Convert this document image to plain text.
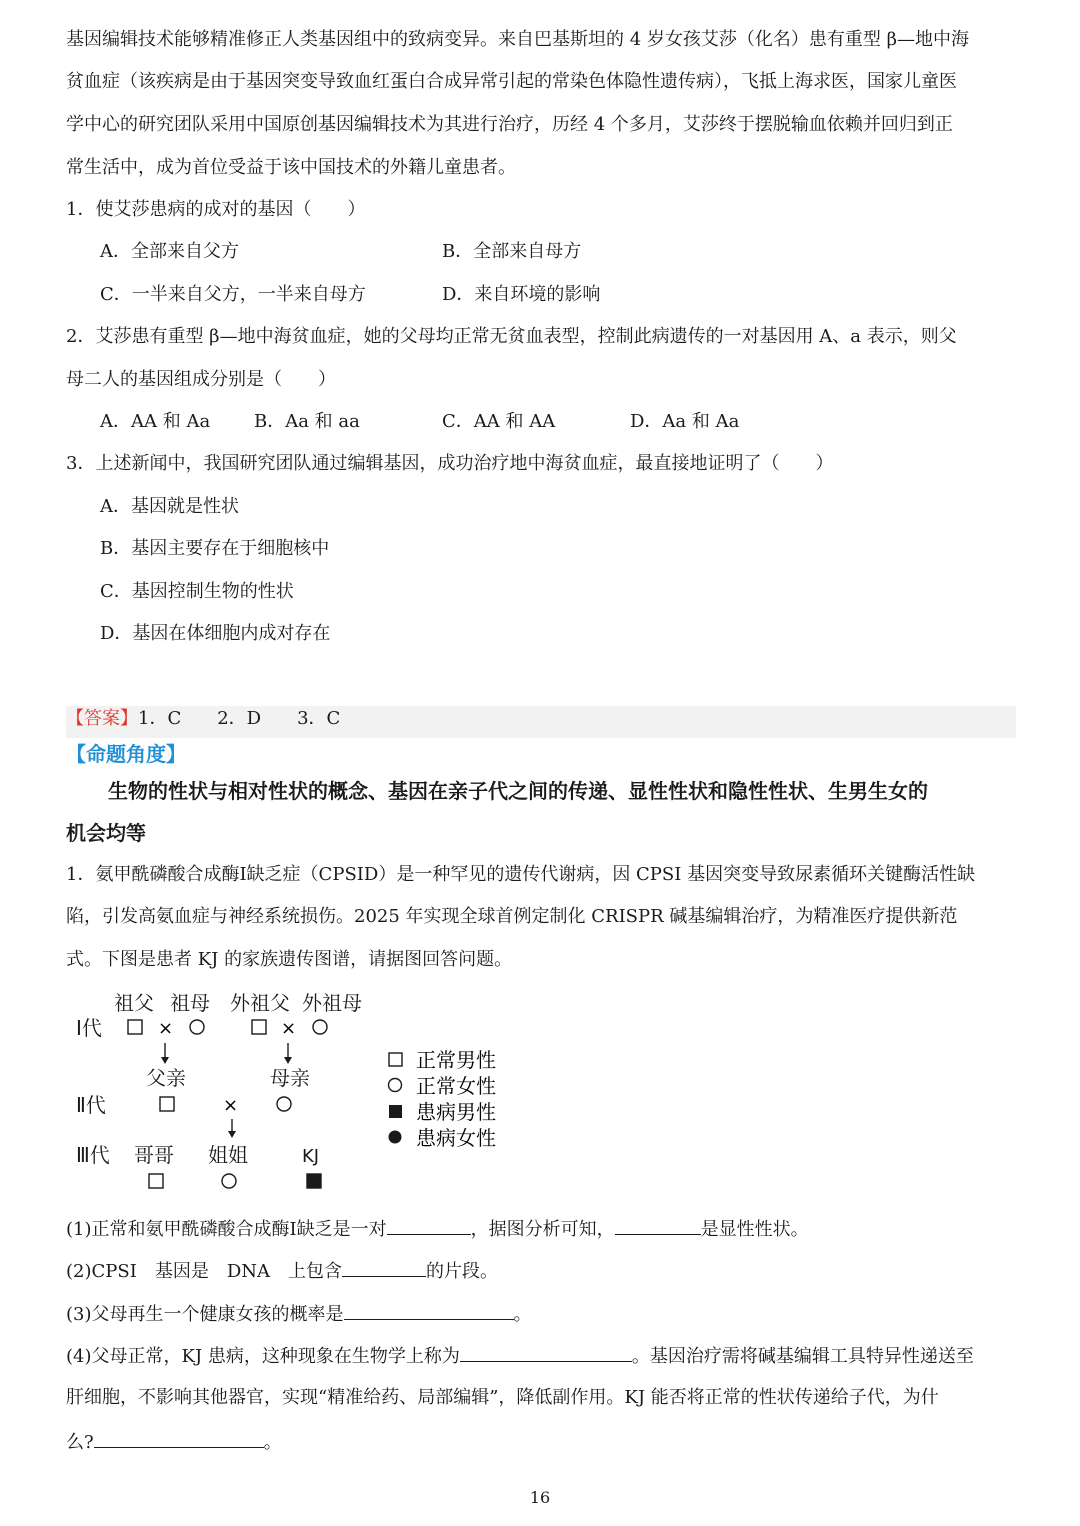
基因编辑技术能够精准修正人类基因组中的致病变异。来自巴基斯坦的 4 岁女孩艾莎（化名）患有重型 β—地中海
贫血症（该疾病是由于基因突变导致血红蛋白合成异常引起的常染色体隐性遗传病），飞抵上海求医，国家儿童医
学中心的研究团队采用中国原创基因编辑技术为其进行治疗，历经 4 个多月，艾莎终于摆脱输血依赖并回归到正
常生活中，成为首位受益于该中国技术的外籍儿童患者。
1．使艾莎患病的成对的基因（　　）
A．全部来自父方	B．全部来自母方
C．一半来自父方，一半来自母方	D．来自环境的影响
2．艾莎患有重型 β—地中海贫血症，她的父母均正常无贫血表型，控制此病遗传的一对基因用 A、a 表示，则父
母二人的基因组成分别是（　　）
A．AA 和 Aa B．Aa 和 aa	C．AA 和 AA	D．Aa 和 Aa
3．上述新闻中，我国研究团队通过编辑基因，成功治疗地中海贫血症，最直接地证明了（　　）
A．基因就是性状
B．基因主要存在于细胞核中
C．基因控制生物的性状
D．基因在体细胞内成对存在
【答案】1．C　　2．D　　3．C
【命题角度】
生物的性状与相对性状的概念、基因在亲子代之间的传递、显性性状和隐性性状、生男生女的
机会均等
1．氨甲酰磷酸合成酶Ⅰ缺乏症（CPSID）是一种罕见的遗传代谢病，因 CPSI 基因突变导致尿素循环关键酶活性缺
陷，引发高氨血症与神经系统损伤。2025 年实现全球首例定制化 CRISPR 碱基编辑治疗，为精准医疗提供新范
式。下图是患者 KJ 的家族遗传图谱，请据图回答问题。
祖父 祖母 外祖父 外祖母
Ⅰ代	×	×
父亲	母亲
Ⅱ代	×
Ⅲ代 哥哥 姐姐	KJ
正常男性
正常女性
患病男性
患病女性
(1)正常和氨甲酰磷酸合成酶Ⅰ缺乏是一对	，据图分析可知，	是显性性状。
(2)CPSI　基因是　DNA　上包含	的片段。
(3)父母再生一个健康女孩的概率是	。
(4)父母正常，KJ 患病，这种现象在生物学上称为	。基因治疗需将碱基编辑工具特异性递送至
肝细胞，不影响其他器官，实现“精准给药、局部编辑”，降低副作用。KJ 能否将正常的性状传递给子代，为什
么?	。
16
